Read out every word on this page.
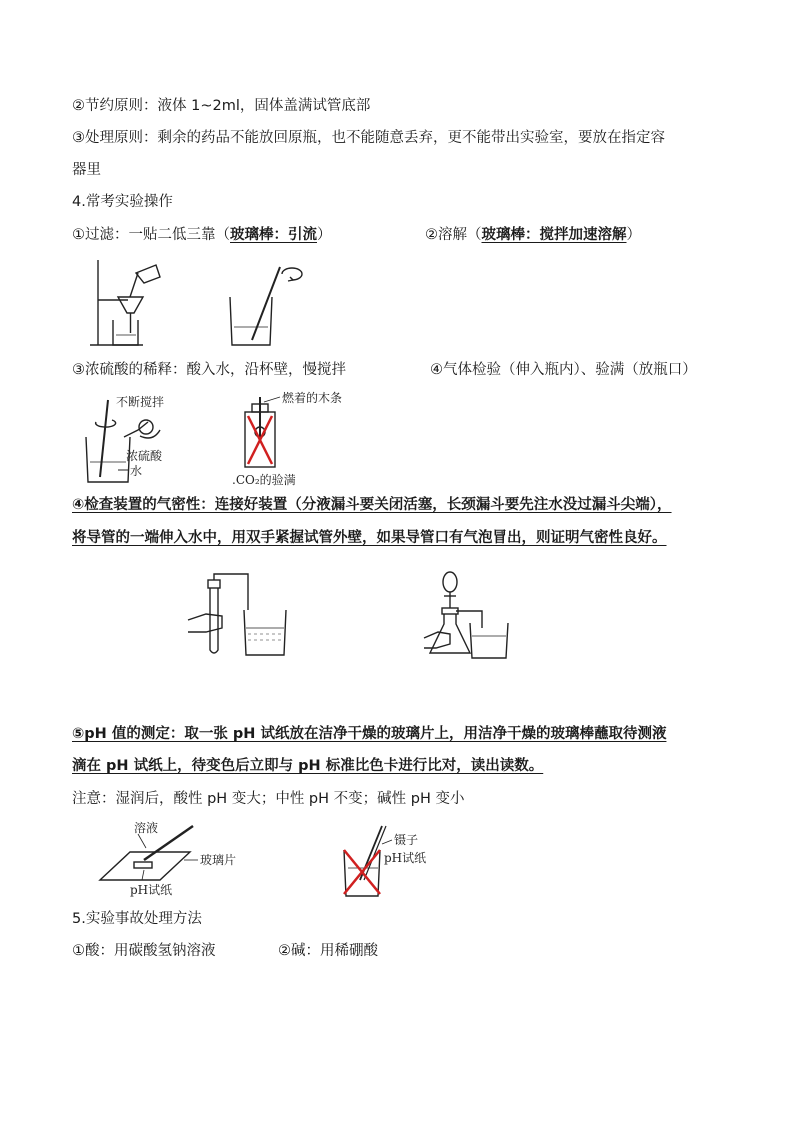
②节约原则：液体 1~2ml，固体盖满试管底部
③处理原则：剩余的药品不能放回原瓶，也不能随意丢弃，更不能带出实验室，要放在指定容
器里
4.常考实验操作
①过滤：一贴二低三靠（玻璃棒：引流）	②溶解（玻璃棒：搅拌加速溶解）
③浓硫酸的稀释：酸入水，沿杯壁，慢搅拌	④气体检验（伸入瓶内）、验满（放瓶口）
④检查装置的气密性：连接好装置（分液漏斗要关闭活塞，长颈漏斗要先注水没过漏斗尖端），
将导管的一端伸入水中，用双手紧握试管外壁，如果导管口有气泡冒出，则证明气密性良好。
⑤pH 值的测定：取一张 pH 试纸放在洁净干燥的玻璃片上，用洁净干燥的玻璃棒蘸取待测液
滴在 pH 试纸上，待变色后立即与 pH 标准比色卡进行比对，读出读数。
注意：湿润后，酸性 pH 变大；中性 pH 不变；碱性 pH 变小
5.实验事故处理方法
①酸：用碳酸氢钠溶液	②碱：用稀硼酸
不断搅拌
浓硫酸
水
燃着的木条
.CO₂的验满
溶液
玻璃片
pH试纸
镊子
pH试纸
